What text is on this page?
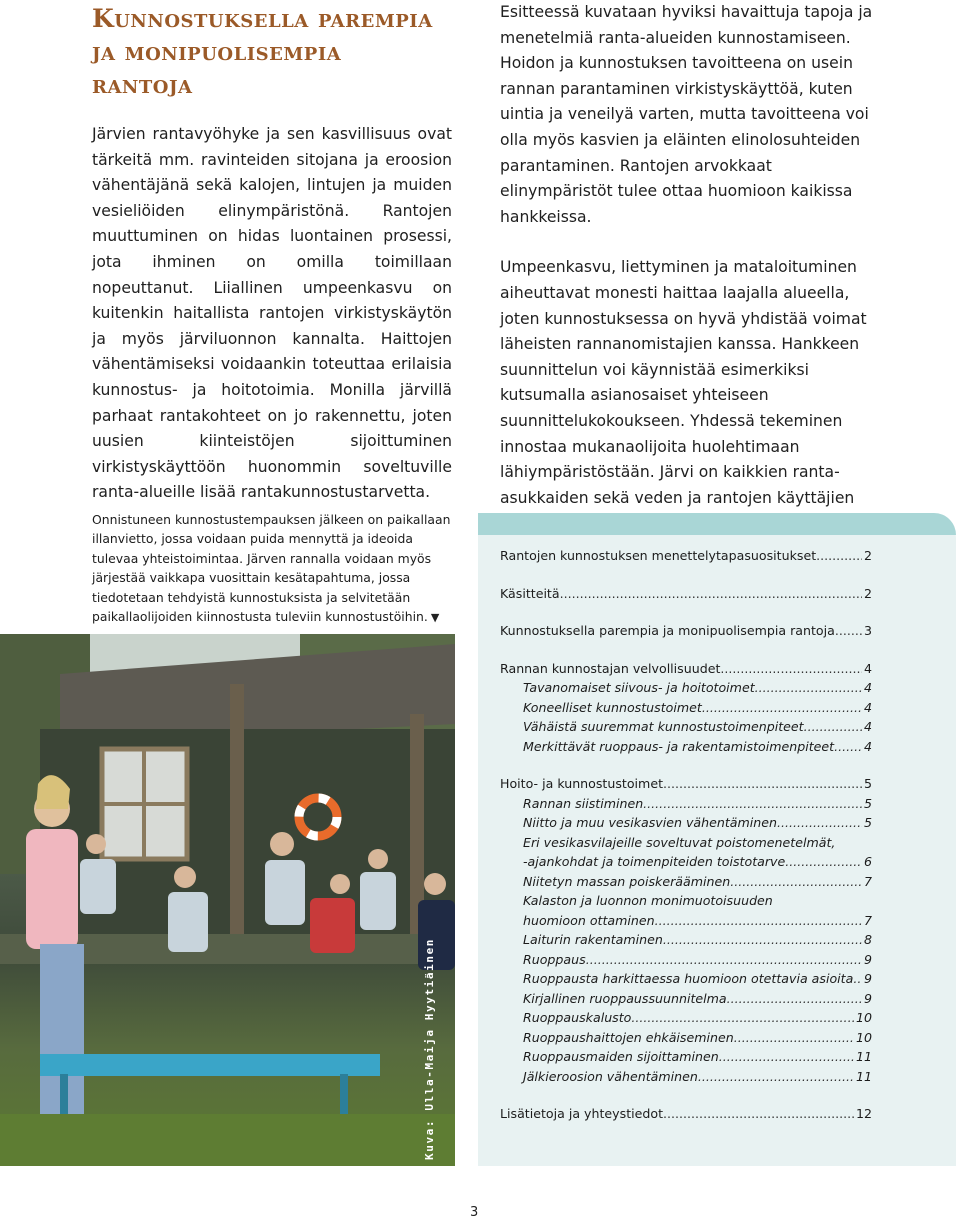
Kunnostuksella parempia
ja monipuolisempia
rantoja

Järvien rantavyöhyke ja sen kasvillisuus ovat tärkeitä mm. ravinteiden sitojana ja eroosion vähentäjänä sekä kalojen, lintujen ja muiden vesieliöiden elinympäristönä. Rantojen muuttuminen on hidas luontainen prosessi, jota ihminen on omilla toimillaan nopeuttanut. Liiallinen umpeenkasvu on kuitenkin haitallista rantojen virkistyskäytön ja myös järviluonnon kannalta. Haittojen vähentämiseksi voidaankin toteuttaa erilaisia kunnostus- ja hoitotoimia. Monilla järvillä parhaat rantakohteet on jo rakennettu, joten uusien kiinteistöjen sijoittuminen virkistyskäyttöön huonommin soveltuville ranta-alueille lisää rantakunnostustarvetta.

Esitteessä kuvataan hyviksi havaittuja tapoja ja menetelmiä ranta-alueiden kunnostamiseen. Hoidon ja kunnostuksen tavoitteena on usein rannan parantaminen virkistyskäyttöä, kuten uintia ja veneilyä varten, mutta tavoitteena voi olla myös kasvien ja eläinten elinolosuhteiden parantaminen. Rantojen arvokkaat elinympäristöt tulee ottaa huomioon kaikissa hankkeissa.

Umpeenkasvu, liettyminen ja mataloituminen aiheuttavat monesti haittaa laajalla alueella, joten kunnostuksessa on hyvä yhdistää voimat läheisten rannanomistajien kanssa. Hankkeen suunnittelun voi käynnistää esimerkiksi kutsumalla asianosaiset yhteiseen suunnittelukokoukseen. Yhdessä tekeminen innostaa mukanaolijoita huolehtimaan lähiympäristöstään. Järvi on kaikkien ranta-asukkaiden sekä veden ja rantojen käyttäjien

Onnistuneen kunnostustempauksen jälkeen on paikallaan illanvietto, jossa voidaan puida mennyttä ja ideoida tulevaa yhteistoimintaa. Järven rannalla voidaan myös järjestää vaikkapa vuosittain kesätapahtuma, jossa tiedotetaan tehdyistä kunnostuksista ja selvitetään paikallaolijoiden kiinnostusta tuleviin kunnostustöihin. ▼
Kuva: Ulla-Maija Hyytiäinen
Rantojen kunnostuksen menettelytapasuositukset .....	2
Käsitteitä .....	2
Kunnostuksella parempia ja monipuolisempia rantoja ..... 3
Rannan kunnostajan velvollisuudet .....	4
Tavanomaiset siivous- ja hoitotoimet .....	4
Koneelliset kunnostustoimet .....	4
Vähäistä suuremmat kunnostustoimenpiteet .....	4
Merkittävät ruoppaus- ja rakentamistoimenpiteet ..... 4
Hoito- ja kunnostustoimet .....	5
Rannan siistiminen .....	5
Niitto ja muu vesikasvien vähentäminen .....	5
Eri vesikasvilajeille soveltuvat poistomenetelmät,
-ajankohdat ja toimenpiteiden toistotarve .....	6
Niitetyn massan poiskerääminen .....	7
Kalaston ja luonnon monimuotoisuuden
huomioon ottaminen .....	7
Laiturin rakentaminen .....	8
Ruoppaus .....	9
Ruoppausta harkittaessa huomioon otettavia asioita ..... 9
Kirjallinen ruoppaussuunnitelma .....	9
Ruoppauskalusto .....	10
Ruoppaushaittojen ehkäiseminen .....	10
Ruoppausmaiden sijoittaminen .....	11
Jälkieroosion vähentäminen .....	11
Lisätietoja ja yhteystiedot .....	12
3
